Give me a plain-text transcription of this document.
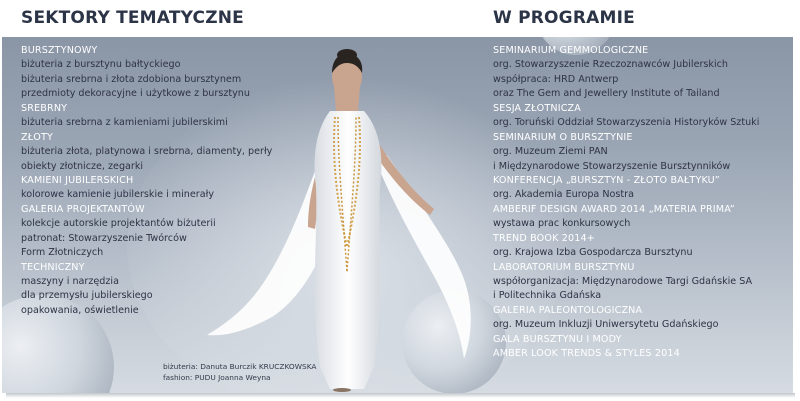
SEKTORY TEMATYCZNE	W PROGRAMIE
BURSZTYNOWY
biżuteria z bursztynu bałtyckiego
biżuteria srebrna i złota zdobiona bursztynem
przedmioty dekoracyjne i użytkowe z bursztynu
SREBRNY
biżuteria srebrna z kamieniami jubilerskimi
ZŁOTY
biżuteria złota, platynowa i srebrna, diamenty, perły
obiekty złotnicze, zegarki
KAMIENI JUBILERSKICH
kolorowe kamienie jubilerskie i minerały
GALERIA PROJEKTANTÓW
kolekcje autorskie projektantów biżuterii
patronat: Stowarzyszenie Twórców
Form Złotniczych
TECHNICZNY
maszyny i narzędzia
dla przemysłu jubilerskiego
opakowania, oświetlenie
SEMINARIUM GEMMOLOGICZNE
org. Stowarzyszenie Rzeczoznawców Jubilerskich
współpraca: HRD Antwerp
oraz The Gem and Jewellery Institute of Tailand
SESJA ZŁOTNICZA
org. Toruński Oddział Stowarzyszenia Historyków Sztuki
SEMINARIUM O BURSZTYNIE
org. Muzeum Ziemi PAN
i Międzynarodowe Stowarzyszenie Bursztynników
KONFERENCJA „BURSZTYN - ZŁOTO BAŁTYKU”
org. Akademia Europa Nostra
AMBERIF DESIGN AWARD 2014 „MATERIA PRIMA”
wystawa prac konkursowych
TREND BOOK 2014+
org. Krajowa Izba Gospodarcza Bursztynu
LABORATORIUM BURSZTYNU
współorganizacja: Międzynarodowe Targi Gdańskie SA
i Politechnika Gdańska
GALERIA PALEONTOLOGICZNA
org. Muzeum Inkluzji Uniwersytetu Gdańskiego
GALA BURSZTYNU I MODY
AMBER LOOK TRENDS & STYLES 2014
biżuteria: Danuta Burczik KRUCZKOWSKA
fashion: PUDU Joanna Weyna
